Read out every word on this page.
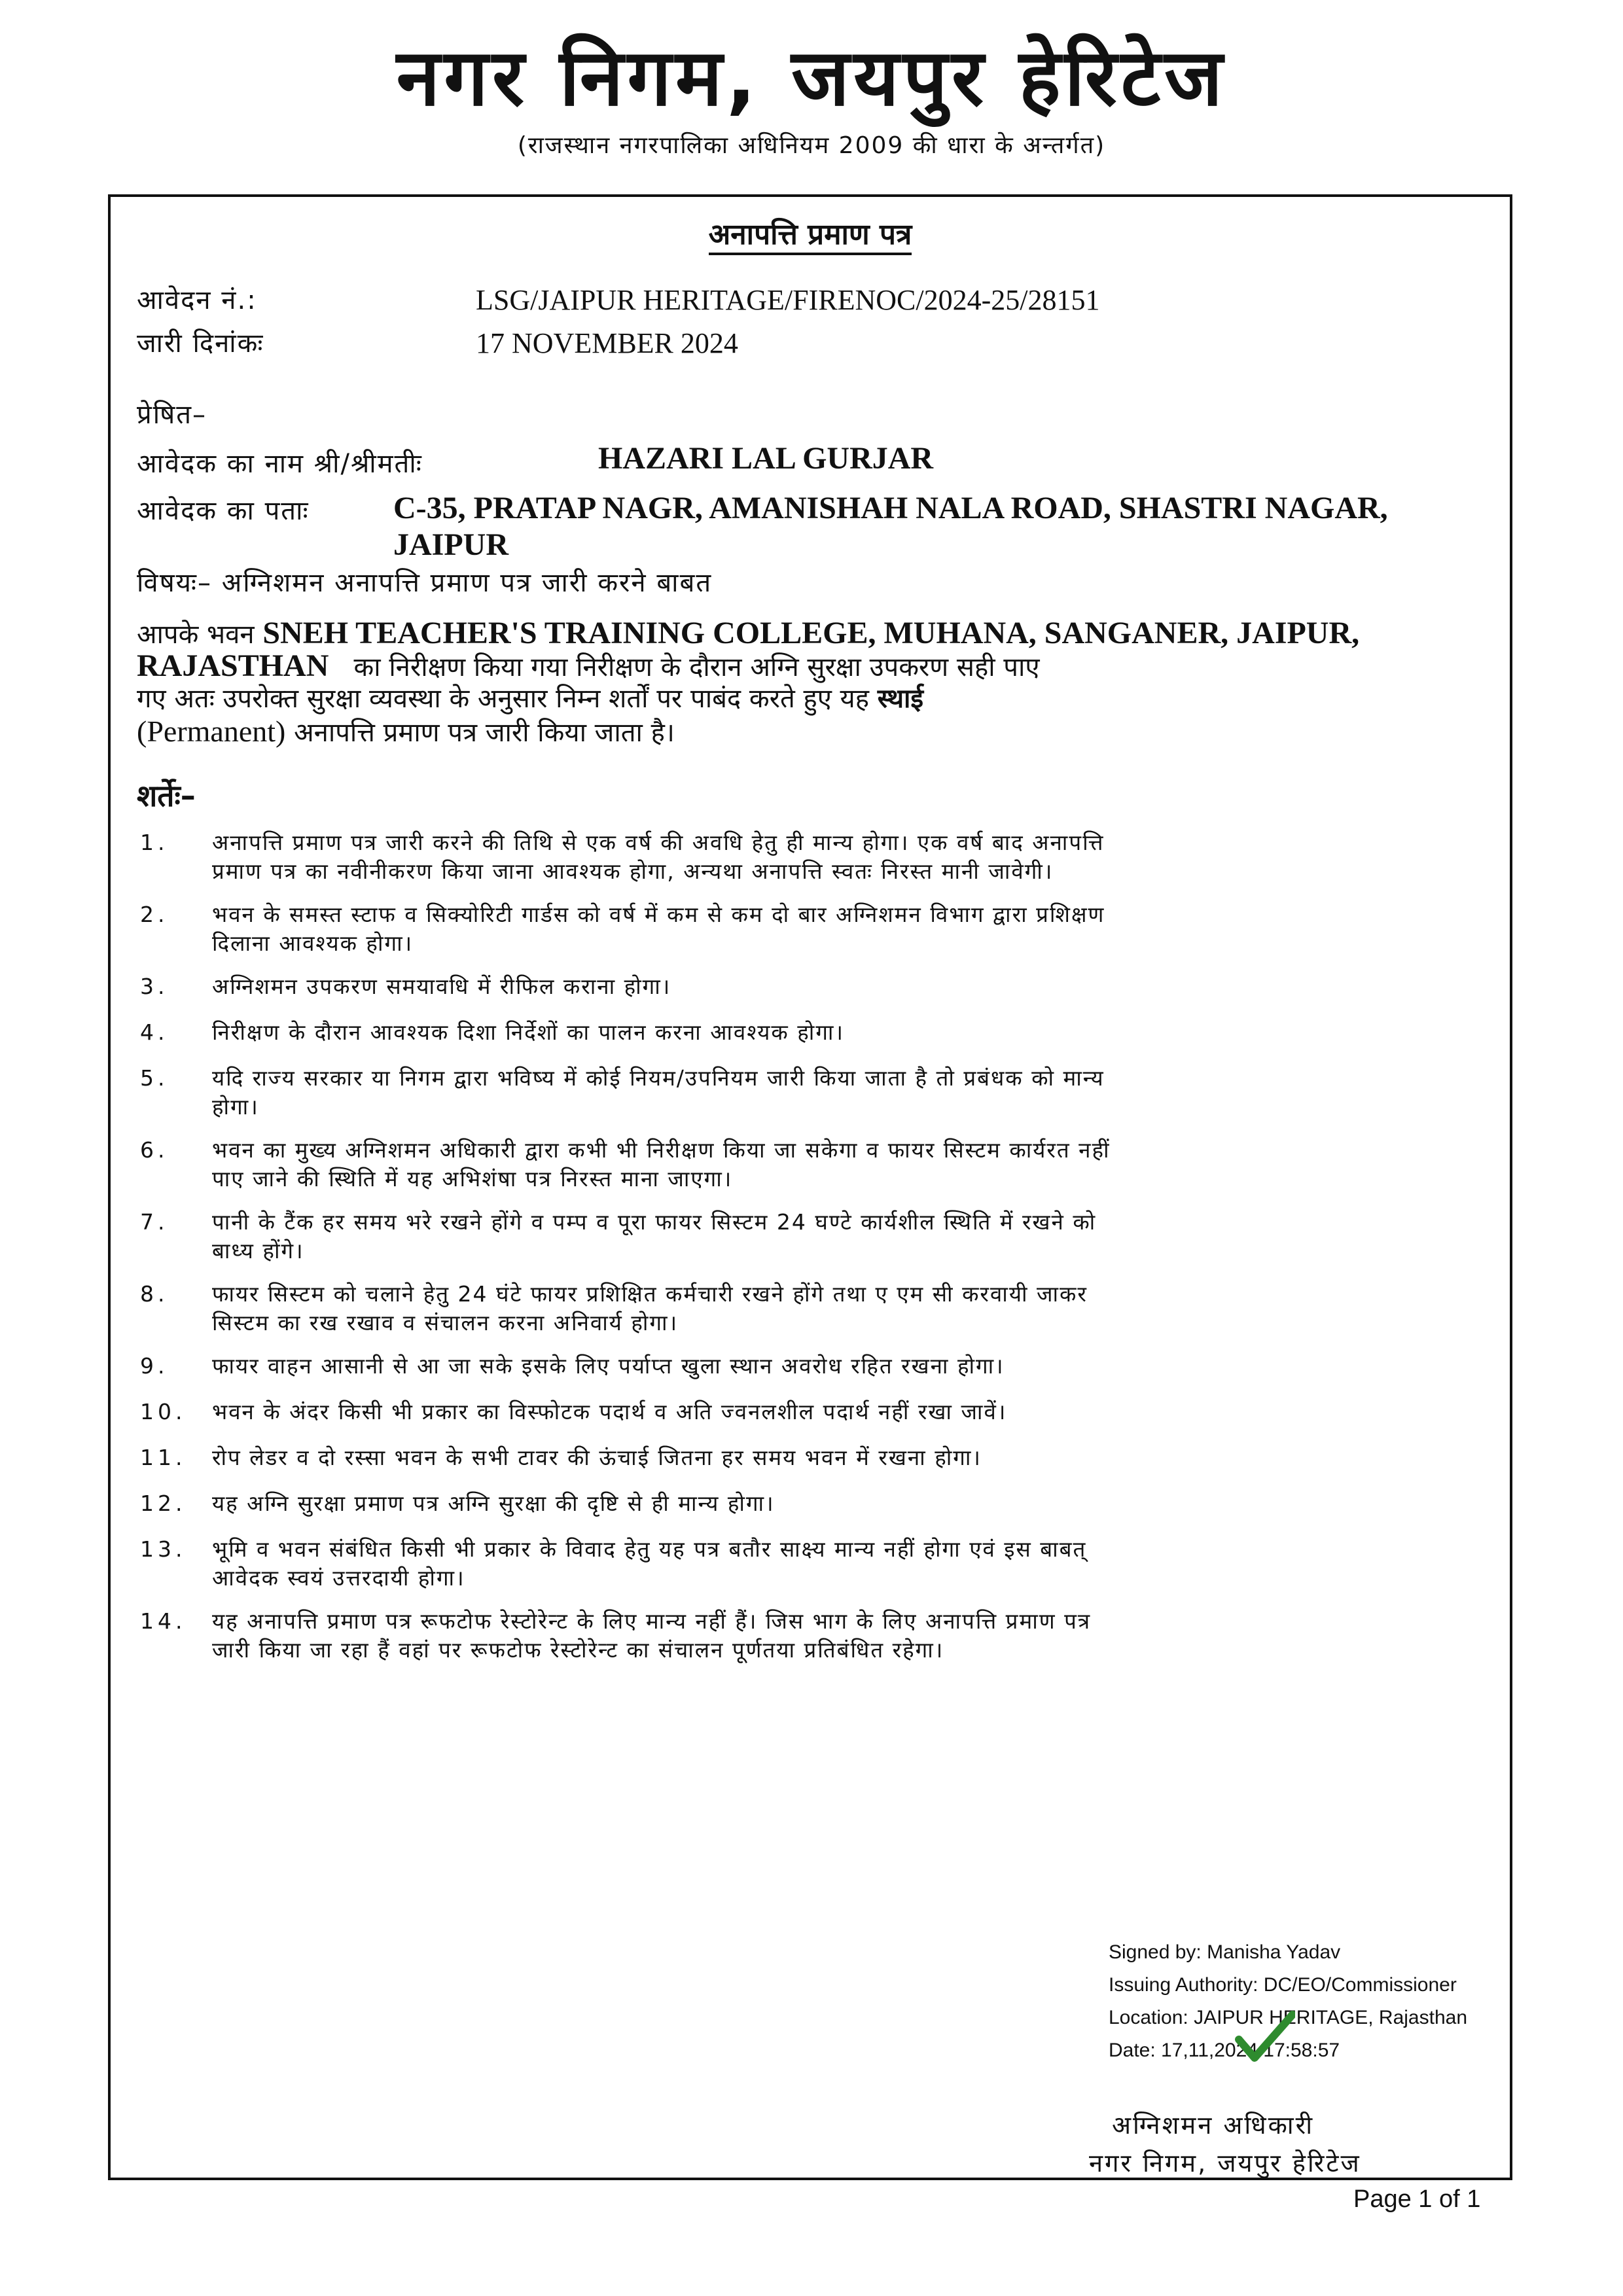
नगर निगम, जयपुर हेरिटेज
(राजस्थान नगरपालिका अधिनियम 2009 की धारा के अन्तर्गत)
अनापत्ति प्रमाण पत्र
आवेदन नं.:	LSG/JAIPUR HERITAGE/FIRENOC/2024-25/28151
जारी दिनांकः	17 NOVEMBER 2024
प्रेषित–
आवेदक का नाम श्री/श्रीमतीः	HAZARI LAL GURJAR
आवेदक का पताः	C-35, PRATAP NAGR, AMANISHAH NALA ROAD, SHASTRI NAGAR,
JAIPUR
विषयः– अग्निशमन अनापत्ति प्रमाण पत्र जारी करने बाबत
आपके भवन SNEH TEACHER'S TRAINING COLLEGE, MUHANA, SANGANER, JAIPUR,
RAJASTHAN का निरीक्षण किया गया निरीक्षण के दौरान अग्नि सुरक्षा उपकरण सही पाए
गए अतः उपरोक्त सुरक्षा व्यवस्था के अनुसार निम्न शर्तों पर पाबंद करते हुए यह स्थाई
(Permanent) अनापत्ति प्रमाण पत्र जारी किया जाता है।
शर्तेः–
1.	अनापत्ति प्रमाण पत्र जारी करने की तिथि से एक वर्ष की अवधि हेतु ही मान्य होगा। एक वर्ष बाद अनापत्ति
प्रमाण पत्र का नवीनीकरण किया जाना आवश्यक होगा, अन्यथा अनापत्ति स्वतः निरस्त मानी जावेगी।
2.	भवन के समस्त स्टाफ व सिक्योरिटी गार्डस को वर्ष में कम से कम दो बार अग्निशमन विभाग द्वारा प्रशिक्षण
दिलाना आवश्यक होगा।
3.	अग्निशमन उपकरण समयावधि में रीफिल कराना होगा।
4.	निरीक्षण के दौरान आवश्यक दिशा निर्देशों का पालन करना आवश्यक होगा।
5.	यदि राज्य सरकार या निगम द्वारा भविष्य में कोई नियम/उपनियम जारी किया जाता है तो प्रबंधक को मान्य
होगा।
6.	भवन का मुख्य अग्निशमन अधिकारी द्वारा कभी भी निरीक्षण किया जा सकेगा व फायर सिस्टम कार्यरत नहीं
पाए जाने की स्थिति में यह अभिशंषा पत्र निरस्त माना जाएगा।
7.	पानी के टैंक हर समय भरे रखने होंगे व पम्प व पूरा फायर सिस्टम 24 घण्टे कार्यशील स्थिति में रखने को
बाध्य होंगे।
8.	फायर सिस्टम को चलाने हेतु 24 घंटे फायर प्रशिक्षित कर्मचारी रखने होंगे तथा ए एम सी करवायी जाकर
सिस्टम का रख रखाव व संचालन करना अनिवार्य होगा।
9.	फायर वाहन आसानी से आ जा सके इसके लिए पर्याप्त खुला स्थान अवरोध रहित रखना होगा।
10.	भवन के अंदर किसी भी प्रकार का विस्फोटक पदार्थ व अति ज्वनलशील पदार्थ नहीं रखा जावें।
11.	रोप लेडर व दो रस्सा भवन के सभी टावर की ऊंचाई जितना हर समय भवन में रखना होगा।
12.	यह अग्नि सुरक्षा प्रमाण पत्र अग्नि सुरक्षा की दृष्टि से ही मान्य होगा।
13.	भूमि व भवन संबंधित किसी भी प्रकार के विवाद हेतु यह पत्र बतौर साक्ष्य मान्य नहीं होगा एवं इस बाबत्
आवेदक स्वयं उत्तरदायी होगा।
14.	यह अनापत्ति प्रमाण पत्र रूफटोफ रेस्टोरेन्ट के लिए मान्य नहीं हैं। जिस भाग के लिए अनापत्ति प्रमाण पत्र
जारी किया जा रहा हैं वहां पर रूफटोफ रेस्टोरेन्ट का संचालन पूर्णतया प्रतिबंधित रहेगा।
Signed by: Manisha Yadav
Issuing Authority: DC/EO/Commissioner
Location: JAIPUR HERITAGE, Rajasthan
Date: 17,11,2024 17:58:57
अग्निशमन अधिकारी
नगर निगम, जयपुर हेरिटेज
Page 1 of 1
